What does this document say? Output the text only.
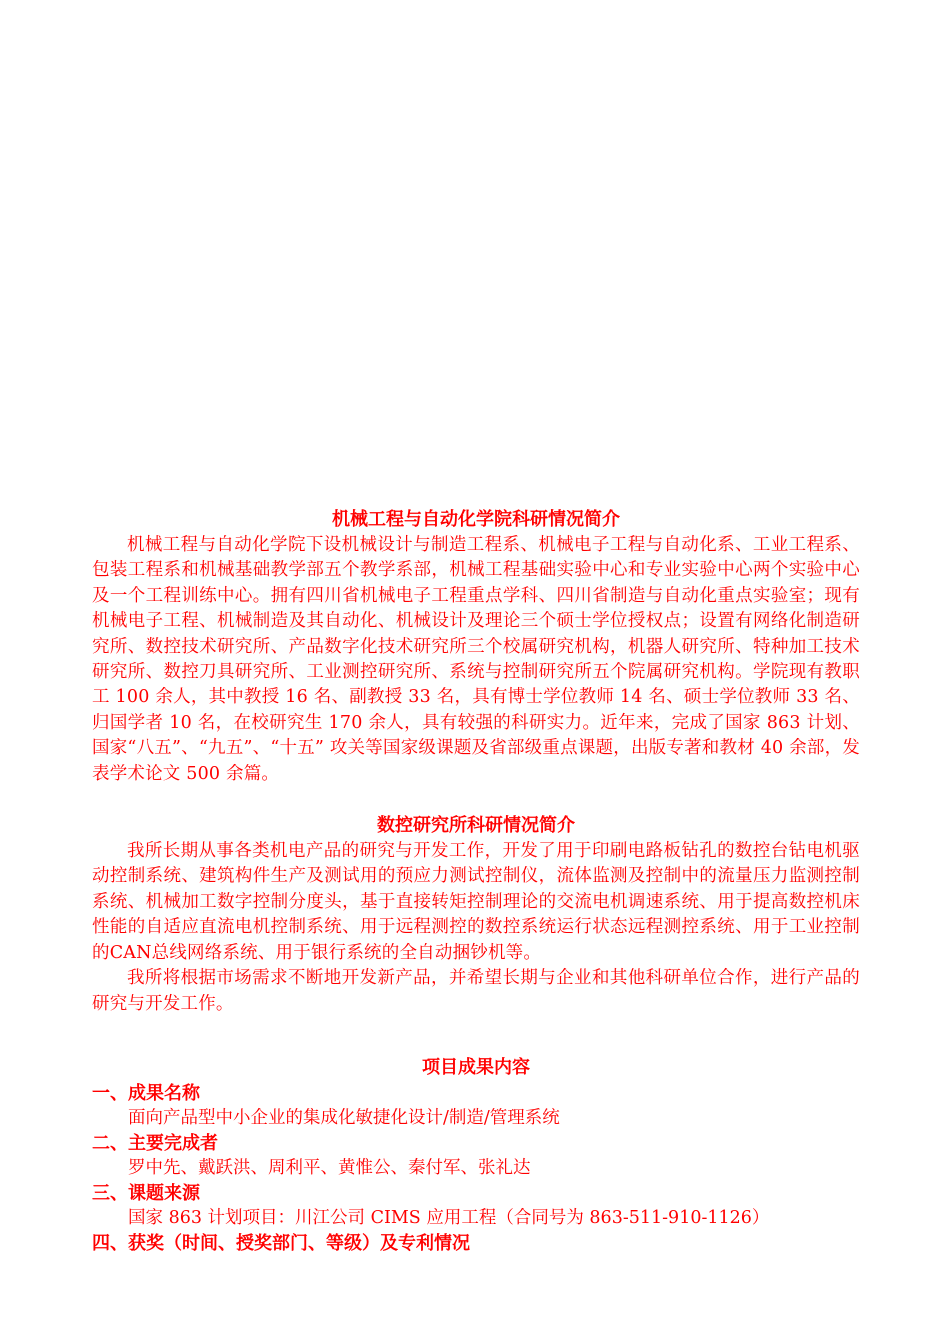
机械工程与自动化学院科研情况简介

机械工程与自动化学院下设机械设计与制造工程系、机械电子工程与自动化系、工业工程系、包装工程系和机械基础教学部五个教学系部，机械工程基础实验中心和专业实验中心两个实验中心及一个工程训练中心。拥有四川省机械电子工程重点学科、四川省制造与自动化重点实验室；现有机械电子工程、机械制造及其自动化、机械设计及理论三个硕士学位授权点；设置有网络化制造研究所、数控技术研究所、产品数字化技术研究所三个校属研究机构，机器人研究所、特种加工技术研究所、数控刀具研究所、工业测控研究所、系统与控制研究所五个院属研究机构。学院现有教职工 100 余人，其中教授 16 名、副教授 33 名，具有博士学位教师 14 名、硕士学位教师 33 名、归国学者 10 名，在校研究生 170 余人，具有较强的科研实力。近年来，完成了国家 863 计划、国家“八五”、“九五”、“十五” 攻关等国家级课题及省部级重点课题，出版专著和教材 40 余部，发表学术论文 500 余篇。

数控研究所科研情况简介

我所长期从事各类机电产品的研究与开发工作，开发了用于印刷电路板钻孔的数控台钻电机驱动控制系统、建筑构件生产及测试用的预应力测试控制仪，流体监测及控制中的流量压力监测控制系统、机械加工数字控制分度头，基于直接转矩控制理论的交流电机调速系统、用于提高数控机床性能的自适应直流电机控制系统、用于远程测控的数控系统运行状态远程测控系统、用于工业控制的CAN总线网络系统、用于银行系统的全自动捆钞机等。

我所将根据市场需求不断地开发新产品，并希望长期与企业和其他科研单位合作，进行产品的研究与开发工作。

项目成果内容

一、成果名称

面向产品型中小企业的集成化敏捷化设计/制造/管理系统

二、主要完成者

罗中先、戴跃洪、周利平、黄惟公、秦付军、张礼达

三、课题来源

国家 863 计划项目：川江公司 CIMS 应用工程（合同号为 863-511-910-1126）

四、获奖（时间、授奖部门、等级）及专利情况
